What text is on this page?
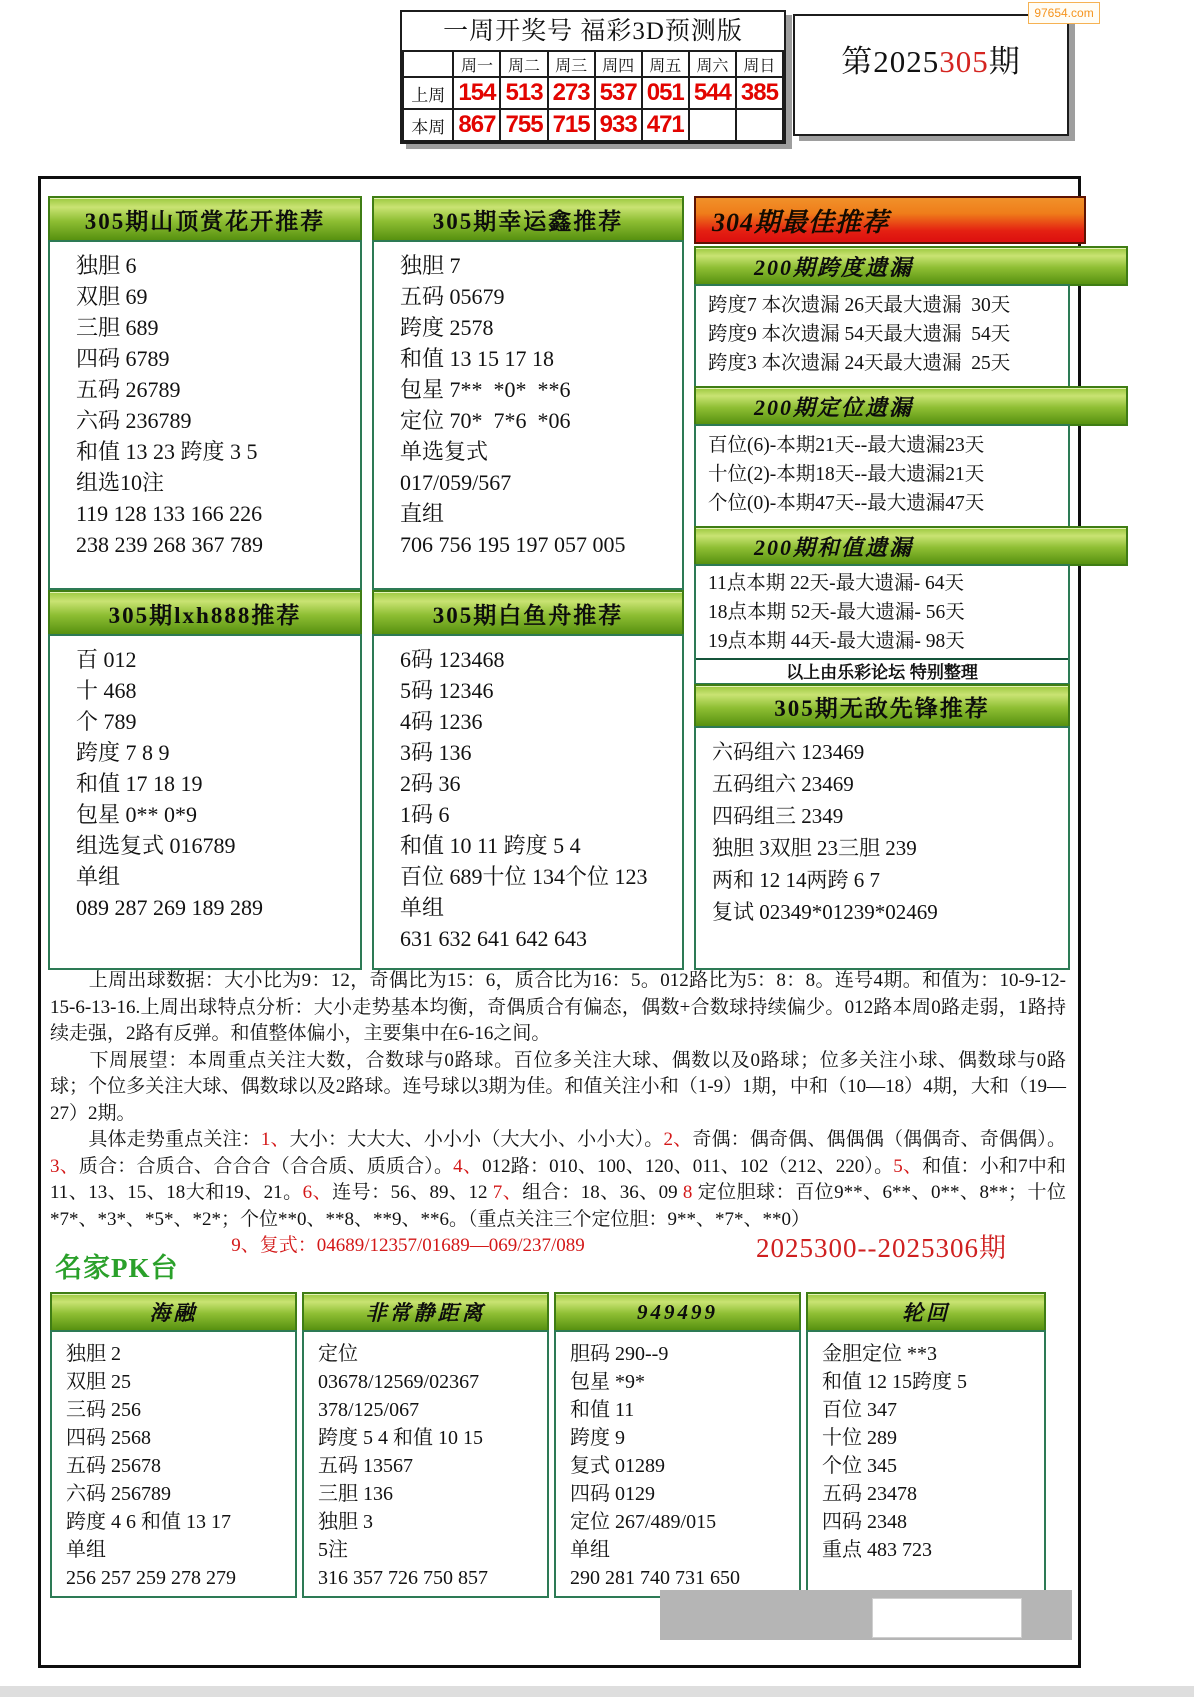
一周开奖号 福彩3D预测版
	周一	周二	周三	周四	周五	周六	周日
上周	154	513	273	537	051	544	385
本周	867	755	715	933	471		
第2025305期
97654.com
305期山顶赏花开推荐
独胆 6
双胆 69
三胆 689
四码 6789
五码 26789
六码 236789
和值 13 23 跨度 3 5
组选10注
119 128 133 166 226
238 239 268 367 789
305期lxh888推荐
百 012
十 468
个 789
跨度 7 8 9
和值 17 18 19
包星 0** 0*9
组选复式 016789
单组
089 287 269 189 289
305期幸运鑫推荐
独胆 7
五码 05679
跨度 2578
和值 13 15 17 18
包星 7**  *0*  **6
定位 70*  7*6  *06
单选复式
017/059/567
直组
706 756 195 197 057 005
305期白鱼舟推荐
6码 123468
5码 12346
4码 1236
3码 136
2码 36
1码 6
和值 10 11 跨度 5 4
百位 689十位 134个位 123
单组
631 632 641 642 643
304期最佳推荐
200期跨度遗漏
跨度7 本次遗漏 26天最大遗漏  30天
跨度9 本次遗漏 54天最大遗漏  54天
跨度3 本次遗漏 24天最大遗漏  25天
200期定位遗漏
百位(6)-本期21天--最大遗漏23天
十位(2)-本期18天--最大遗漏21天
个位(0)-本期47天--最大遗漏47天
200期和值遗漏
11点本期 22天-最大遗漏- 64天
18点本期 52天-最大遗漏- 56天
19点本期 44天-最大遗漏- 98天
以上由乐彩论坛 特别整理
305期无敌先锋推荐
六码组六 123469
五码组六 23469
四码组三 2349
独胆 3双胆 23三胆 239
两和 12 14两跨 6 7
复试 02349*01239*02469

　　上周出球数据：大小比为9：12，奇偶比为15：6，质合比为16：5。012路比为5：8：8。连号4期。和值为：10-9-12-15-6-13-16.上周出球特点分析：大小走势基本均衡，奇偶质合有偏态，偶数+合数球持续偏少。012路本周0路走弱，1路持续走强，2路有反弹。和值整体偏小，主要集中在6-16之间。

　　下周展望：本周重点关注大数，合数球与0路球。百位多关注大球、偶数以及0路球；位多关注小球、偶数球与0路球；个位多关注大球、偶数球以及2路球。连号球以3期为佳。和值关注小和（1-9）1期，中和（10—18）4期，大和（19—27）2期。

　　具体走势重点关注：1、大小：大大大、小小小（大大小、小小大）。2、奇偶：偶奇偶、偶偶偶（偶偶奇、奇偶偶）。3、质合：合质合、合合合（合合质、质质合）。4、012路：010、100、120、011、102（212、220）。5、和值：小和7中和11、13、15、18大和19、21。6、连号：56、89、12 7、组合：18、36、09 8 定位胆球：百位9**、6**、0**、8**；十位*7*、*3*、*5*、*2*；个位**0、**8、**9、**6。（重点关注三个定位胆：9**、*7*、**0）

9、复式：04689/12357/01689—069/237/089

名家PK台
2025300--2025306期
海融
独胆 2
双胆 25
三码 256
四码 2568
五码 25678
六码 256789
跨度 4 6 和值 13 17
单组
256 257 259 278 279
非常静距离
定位
03678/12569/02367
378/125/067
跨度 5 4 和值 10 15
五码 13567
三胆 136
独胆 3
5注
316 357 726 750 857
949499
胆码 290--9
包星 *9*
和值 11
跨度 9
复式 01289
四码 0129
定位 267/489/015
单组
290 281 740 731 650
轮回
金胆定位 **3
和值 12 15跨度 5
百位 347
十位 289
个位 345
五码 23478
四码 2348
重点 483 723
